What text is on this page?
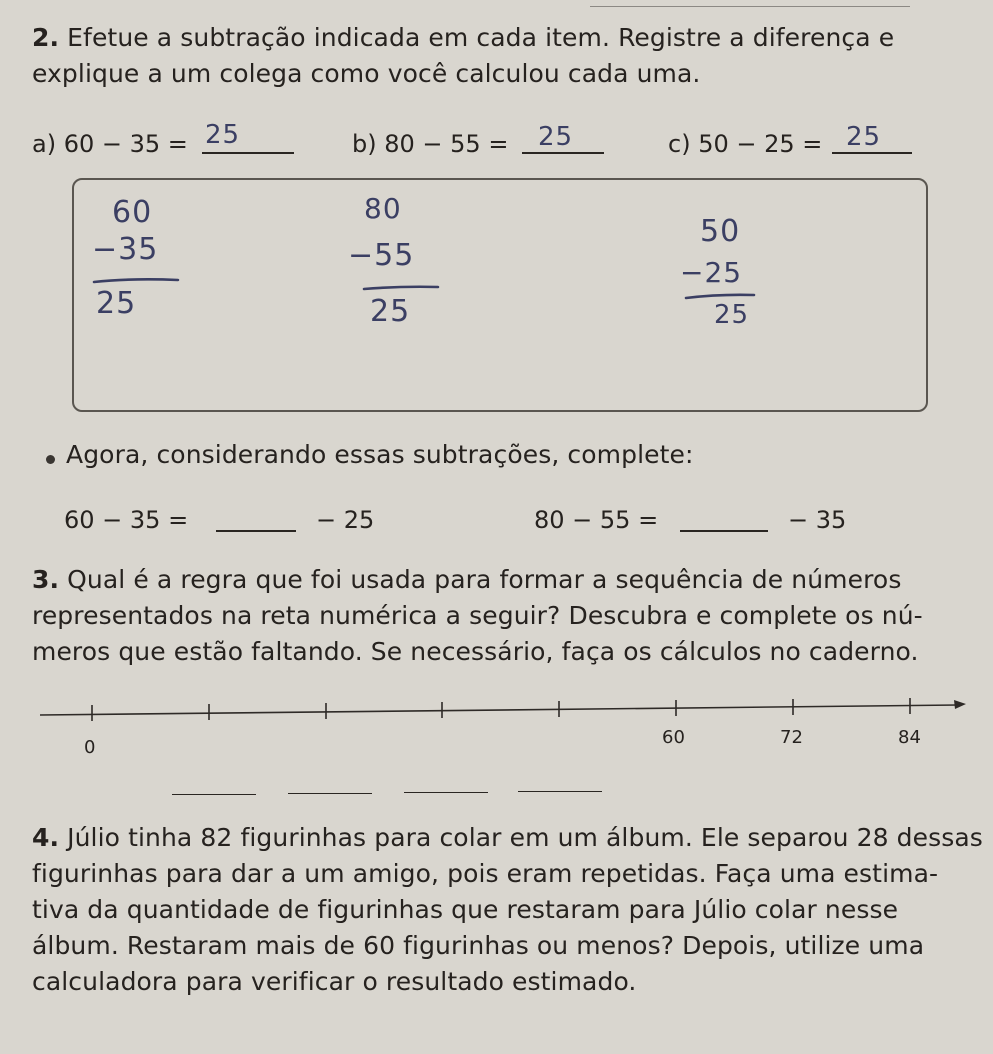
2. Efetue a subtração indicada em cada item. Registre a diferença e
explique a um colega como você calculou cada uma.
a) 60 − 35 = 25	b) 80 − 55 = 25	c) 50 − 25 = 25
60
−35
25
80
−55
25
50
−25
25
Agora, considerando essas subtrações, complete:
60 − 35 =	− 25	80 − 55 =	− 35
3. Qual é a regra que foi usada para formar a sequência de números
representados na reta numérica a seguir? Descubra e complete os nú-
meros que estão faltando. Se necessário, faça os cálculos no caderno.
0	60	72	84
4. Júlio tinha 82 figurinhas para colar em um álbum. Ele separou 28 dessas
figurinhas para dar a um amigo, pois eram repetidas. Faça uma estima-
tiva da quantidade de figurinhas que restaram para Júlio colar nesse
álbum. Restaram mais de 60 figurinhas ou menos? Depois, utilize uma
calculadora para verificar o resultado estimado.
